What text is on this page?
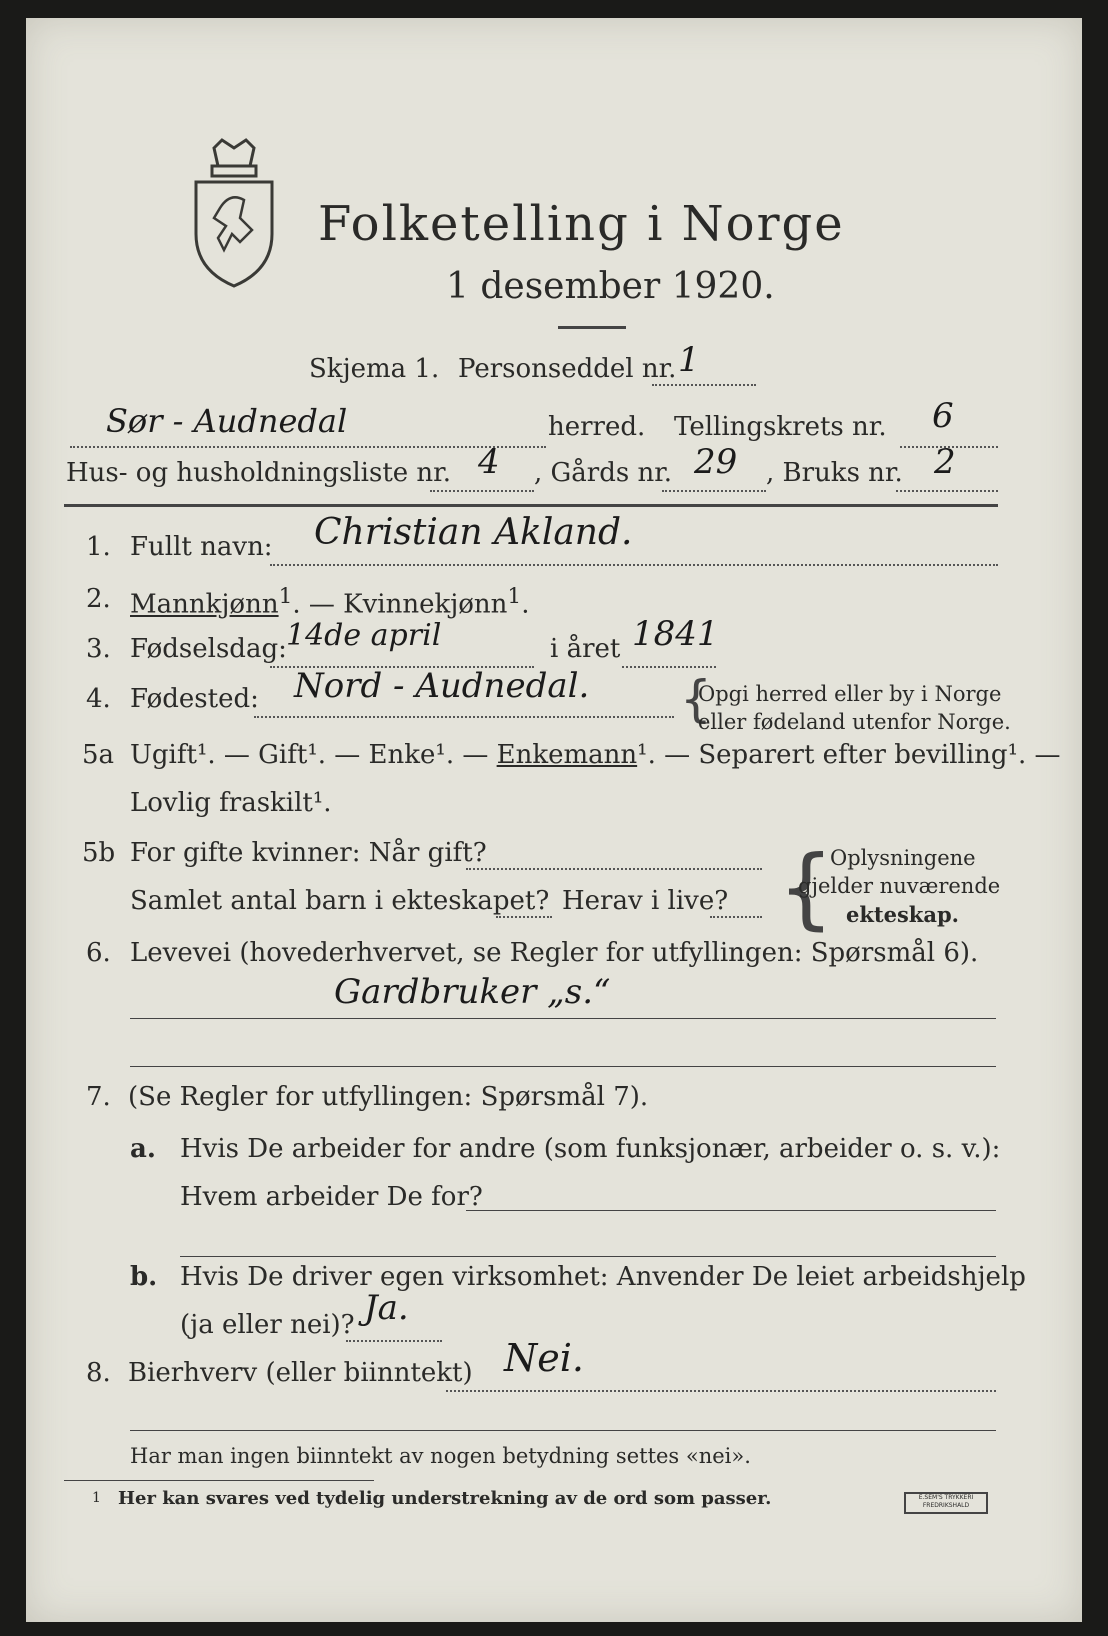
Folketelling i Norge
1 desember 1920.
Skjema 1. Personseddel nr. 1
Sør - Audnedal	herred. Tellingskrets nr. 6
Hus- og husholdningsliste nr. 4 , Gårds nr. 29 , Bruks nr. 2
1. Fullt navn: Christian Akland.
2. Mannkjønn$^1$. — Kvinnekjønn$^1$.
3. Fødselsdag: 14de april	i året 1841
4. Fødested: Nord - Audnedal. {
Opgi herred eller by i Norge
eller fødeland utenfor Norge.
5a Ugift¹. — Gift¹. — Enke¹. — Enkemann¹. — Separert efter bevilling¹. —
Lovlig fraskilt¹.
5b For gifte kvinner: Når gift?
Samlet antal barn i ekteskapet? Herav i live? {
Oplysningene
gjelder nuværende
ekteskap.
6. Levevei (hovederhvervet, se Regler for utfyllingen: Spørsmål 6).
Gardbruker „s.“
7. (Se Regler for utfyllingen: Spørsmål 7).
a. Hvis De arbeider for andre (som funksjonær, arbeider o. s. v.):
Hvem arbeider De for?
b. Hvis De driver egen virksomhet: Anvender De leiet arbeidshjelp
(ja eller nei)? Ja.
8. Bierhverv (eller biinntekt) Nei.
Har man ingen biinntekt av nogen betydning settes «nei».
1 Her kan svares ved tydelig understrekning av de ord som passer.	E.SEM'S TRYKKERI FREDRIKSHALD
